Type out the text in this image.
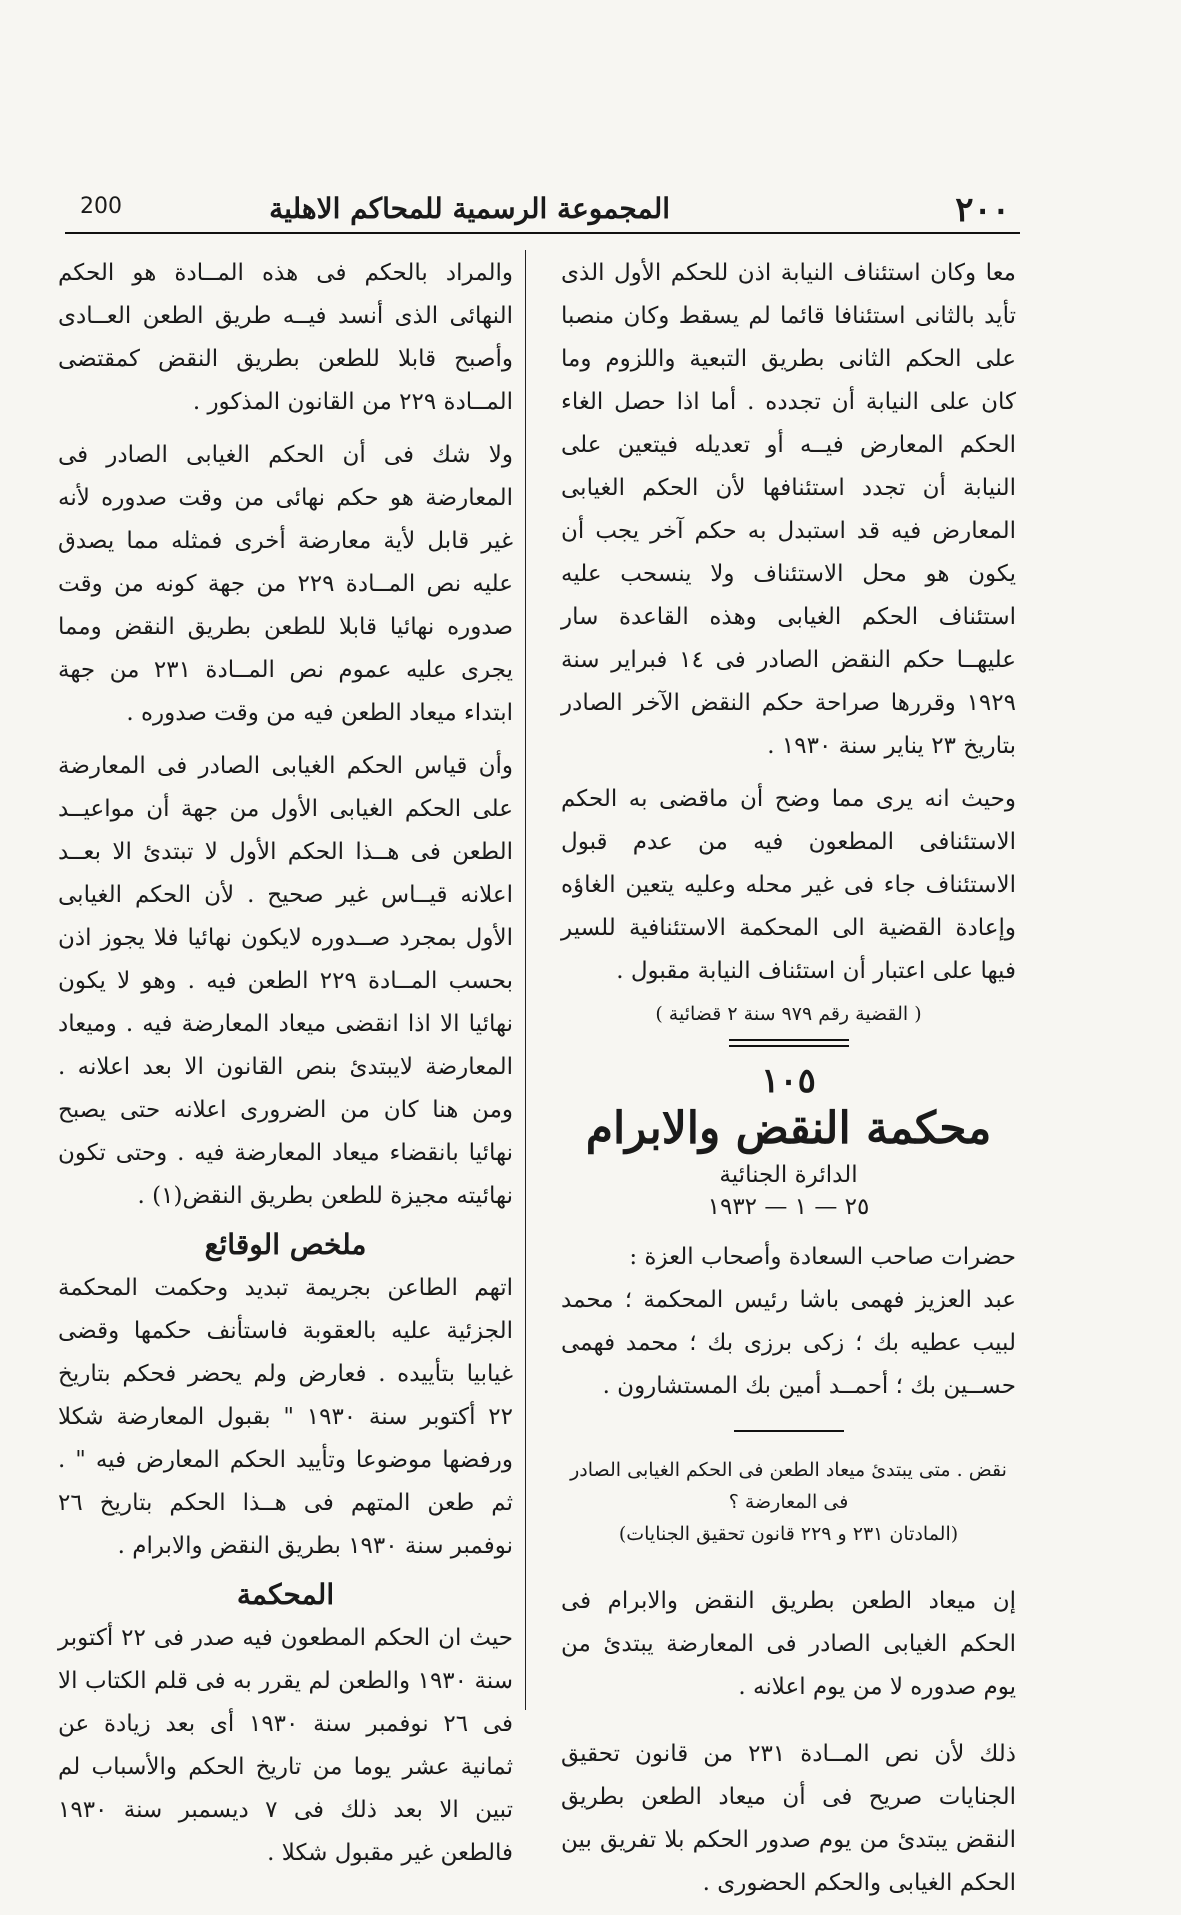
٢٠٠
المجموعة الرسمية للمحاكم الاهلية
200

معا وكان استئناف النيابة اذن للحكم الأول الذى تأيد بالثانى استئنافا قائما لم يسقط وكان منصبا على الحكم الثانى بطريق التبعية واللزوم وما كان على النيابة أن تجدده . أما اذا حصل الغاء الحكم المعارض فيــه أو تعديله فيتعين على النيابة أن تجدد استئنافها لأن الحكم الغيابى المعارض فيه قد استبدل به حكم آخر يجب أن يكون هو محل الاستئناف ولا ينسحب عليه استئناف الحكم الغيابى وهذه القاعدة سار عليهــا حكم النقض الصادر فى ١٤ فبراير سنة ١٩٢٩ وقررها صراحة حكم النقض الآخر الصادر بتاريخ ٢٣ يناير سنة ١٩٣٠ .

وحيث انه يرى مما وضح أن ماقضى به الحكم الاستئنافى المطعون فيه من عدم قبول الاستئناف جاء فى غير محله وعليه يتعين الغاؤه وإعادة القضية الى المحكمة الاستئنافية للسير فيها على اعتبار أن استئناف النيابة مقبول .

( القضية رقم ٩٧٩ سنة ٢ قضائية )
١٠٥
محكمة النقض والابرام
الدائرة الجنائية
٢٥ — ١ — ١٩٣٢

حضرات صاحب السعادة وأصحاب العزة :

عبد العزيز فهمى باشا رئيس المحكمة ؛ محمد لبيب عطيه بك ؛ زكى برزى بك ؛ محمد فهمى حســين بك ؛ أحمــد أمين بك المستشارون .

نقض . متى يبتدئ ميعاد الطعن فى الحكم الغيابى الصادر فى المعارضة ؟
(المادتان ٢٣١ و ٢٢٩ قانون تحقيق الجنايات)

إن ميعاد الطعن بطريق النقض والابرام فى الحكم الغيابى الصادر فى المعارضة يبتدئ من يوم صدوره لا من يوم اعلانه .

ذلك لأن نص المــادة ٢٣١ من قانون تحقيق الجنايات صريح فى أن ميعاد الطعن بطريق النقض يبتدئ من يوم صدور الحكم بلا تفريق بين الحكم الغيابى والحكم الحضورى .

والمراد بالحكم فى هذه المــادة هو الحكم النهائى الذى أنسد فيــه طريق الطعن العــادى وأصبح قابلا للطعن بطريق النقض كمقتضى المــادة ٢٢٩ من القانون المذكور .

ولا شك فى أن الحكم الغيابى الصادر فى المعارضة هو حكم نهائى من وقت صدوره لأنه غير قابل لأية معارضة أخرى فمثله مما يصدق عليه نص المــادة ٢٢٩ من جهة كونه من وقت صدوره نهائيا قابلا للطعن بطريق النقض ومما يجرى عليه عموم نص المــادة ٢٣١ من جهة ابتداء ميعاد الطعن فيه من وقت صدوره .

وأن قياس الحكم الغيابى الصادر فى المعارضة على الحكم الغيابى الأول من جهة أن مواعيــد الطعن فى هــذا الحكم الأول لا تبتدئ الا بعــد اعلانه قيــاس غير صحيح . لأن الحكم الغيابى الأول بمجرد صــدوره لايكون نهائيا فلا يجوز اذن بحسب المــادة ٢٢٩ الطعن فيه . وهو لا يكون نهائيا الا اذا انقضى ميعاد المعارضة فيه . وميعاد المعارضة لايبتدئ بنص القانون الا بعد اعلانه . ومن هنا كان من الضرورى اعلانه حتى يصبح نهائيا بانقضاء ميعاد المعارضة فيه . وحتى تكون نهائيته مجيزة للطعن بطريق النقض(١) .

ملخص الوقائع

اتهم الطاعن بجريمة تبديد وحكمت المحكمة الجزئية عليه بالعقوبة فاستأنف حكمها وقضى غيابيا بتأييده . فعارض ولم يحضر فحكم بتاريخ ٢٢ أكتوبر سنة ١٩٣٠ " بقبول المعارضة شكلا ورفضها موضوعا وتأييد الحكم المعارض فيه " . ثم طعن المتهم فى هــذا الحكم بتاريخ ٢٦ نوفمبر سنة ١٩٣٠ بطريق النقض والابرام .

المحكمة

حيث ان الحكم المطعون فيه صدر فى ٢٢ أكتوبر سنة ١٩٣٠ والطعن لم يقرر به فى قلم الكتاب الا فى ٢٦ نوفمبر سنة ١٩٣٠ أى بعد زيادة عن ثمانية عشر يوما من تاريخ الحكم والأسباب لم تبين الا بعد ذلك فى ٧ ديسمبر سنة ١٩٣٠ فالطعن غير مقبول شكلا .
